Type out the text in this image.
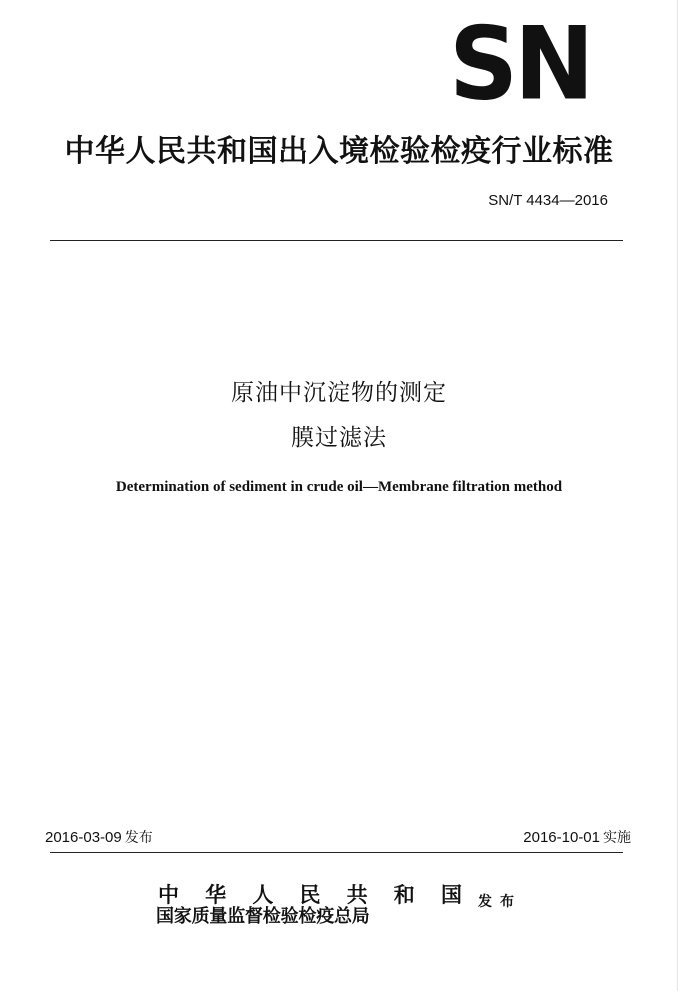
SN
中华人民共和国出入境检验检疫行业标准
SN/T 4434—2016
原油中沉淀物的测定
膜过滤法
Determination of sediment in crude oil—Membrane filtration method
2016-03-09 发布	2016-10-01 实施
中 华 人 民 共 和 国
国家质量监督检验检疫总局
发布
